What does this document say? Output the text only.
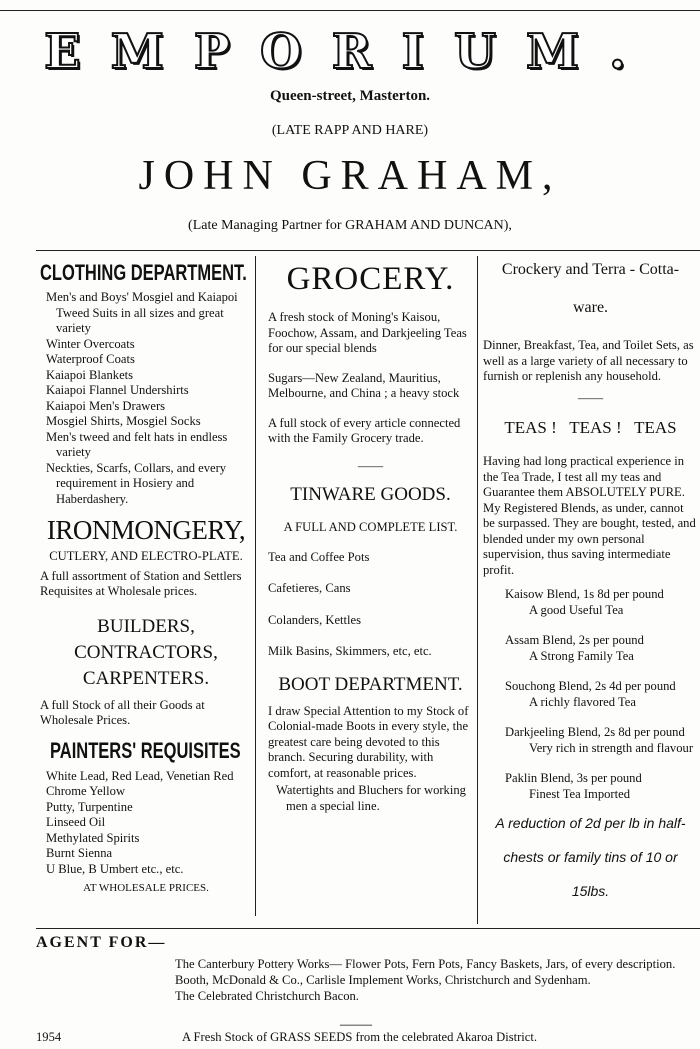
EMPORIUM.
Queen-street, Masterton.
(LATE RAPP AND HARE)
JOHN GRAHAM,
(Late Managing Partner for GRAHAM AND DUNCAN),
CLOTHING DEPARTMENT.

Men's and Boys' Mosgiel and Kaiapoi Tweed Suits in all sizes and great variety

Winter Overcoats

Waterproof Coats

Kaiapoi Blankets

Kaiapoi Flannel Undershirts

Kaiapoi Men's Drawers

Mosgiel Shirts, Mosgiel Socks

Men's tweed and felt hats in endless variety

Neckties, Scarfs, Collars, and every requirement in Hosiery and Haberdashery.

IRONMONGERY,
CUTLERY, AND ELECTRO-PLATE.

A full assortment of Station and Settlers Requisites at Wholesale prices.

BUILDERS, CONTRACTORS,
CARPENTERS.

A full Stock of all their Goods at Wholesale Prices.

PAINTERS' REQUISITES

White Lead, Red Lead, Venetian Red

Chrome Yellow

Putty, Turpentine

Linseed Oil

Methylated Spirits

Burnt Sienna

U Blue, B Umbert etc., etc.

AT WHOLESALE PRICES.
GROCERY.

A fresh stock of Moning's Kaisou, Foochow, Assam, and Darkjeeling Teas for our special blends

Sugars—New Zealand, Mauritius, Melbourne, and China ; a heavy stock

A full stock of every article connected with the Family Grocery trade.

——
TINWARE GOODS.
A FULL AND COMPLETE LIST.

Tea and Coffee Pots

Cafetieres, Cans

Colanders, Kettles

Milk Basins, Skimmers, etc, etc.

BOOT DEPARTMENT.

I draw Special Attention to my Stock of Colonial-made Boots in every style, the greatest care being devoted to this branch. Securing durability, with comfort, at reasonable prices.

Watertights and Bluchers for working men a special line.

Crockery and Terra - Cotta-
ware.

Dinner, Breakfast, Tea, and Toilet Sets, as well as a large variety of all necessary to furnish or replenish any household.

——
TEAS !   TEAS !   TEAS

Having had long practical experience in the Tea Trade, I test all my teas and Guarantee them ABSOLUTELY PURE. My Registered Blends, as under, cannot be surpassed. They are bought, tested, and blended under my own personal supervision, thus saving intermediate profit.

Kaisow Blend, 1s 8d per pound

A good Useful Tea

Assam Blend, 2s per pound

A Strong Family Tea

Souchong Blend, 2s 4d per pound

A richly flavored Tea

Darkjeeling Blend, 2s 8d per pound

Very rich in strength and flavour

Paklin Blend, 3s per pound

Finest Tea Imported

A reduction of 2d per lb in half-chests or family tins of 10 or 15lbs.

AGENT FOR—

The Canterbury Pottery Works— Flower Pots, Fern Pots, Fancy Baskets, Jars, of every description.

Booth, McDonald & Co., Carlisle Implement Works, Christchurch and Sydenham.

The Celebrated Christchurch Bacon.

——
1954	A Fresh Stock of GRASS SEEDS from the celebrated Akaroa District.
